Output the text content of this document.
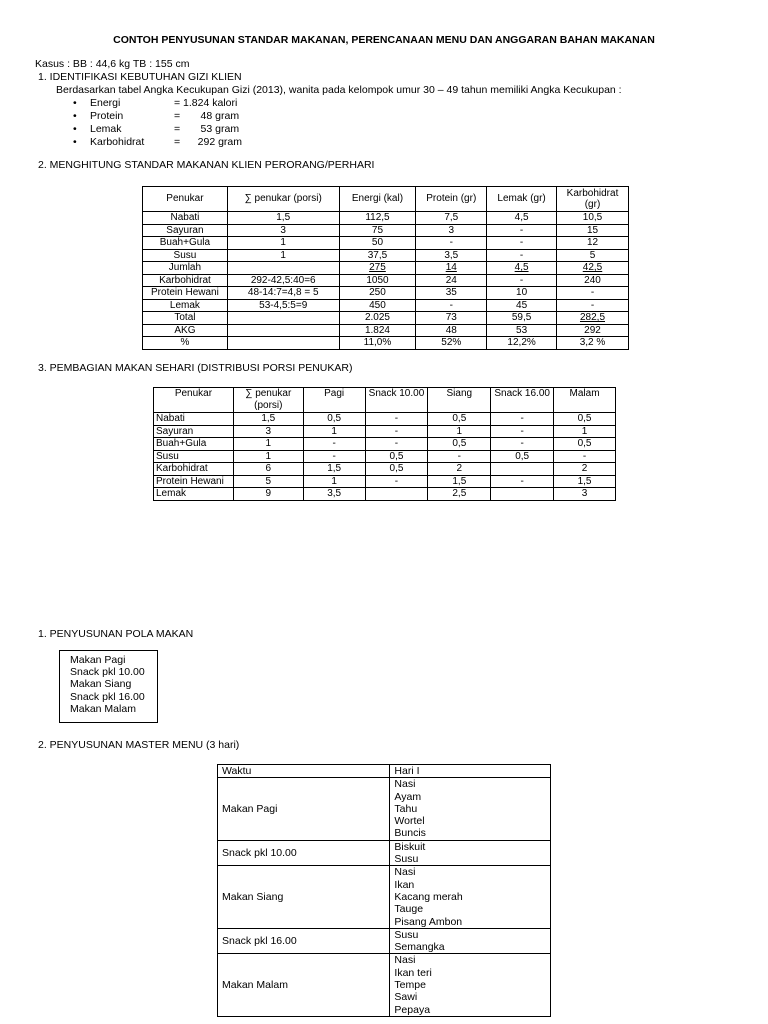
CONTOH PENYUSUNAN STANDAR MAKANAN, PERENCANAAN MENU DAN ANGGARAN BAHAN MAKANAN
Kasus : BB : 44,6 kg TB : 155 cm
1. IDENTIFIKASI KEBUTUHAN GIZI KLIEN
Berdasarkan tabel Angka Kecukupan Gizi (2013), wanita pada kelompok umur 30 – 49 tahun memiliki Angka Kecukupan :
• Energi	= 1.824 kalori
• Protein	=       48 gram
• Lemak	=       53 gram
• Karbohidrat	=      292 gram
2. MENGHITUNG STANDAR MAKANAN KLIEN PERORANG/PERHARI
Penukar	∑ penukar (porsi)	Energi (kal)	Protein (gr)	Lemak (gr)	Karbohidrat (gr)
Nabati	1,5	112,5	7,5	4,5	10,5
Sayuran	3	75	3	-	15
Buah+Gula	1	50	-	-	12
Susu	1	37,5	3,5	-	5
Jumlah		275	14	4,5	42,5
Karbohidrat	292-42,5:40=6	1050	24	-	240
Protein Hewani	48-14:7=4,8 = 5	250	35	10	-
Lemak	53-4,5:5=9	450	-	45	-
Total		2.025	73	59,5	282,5
AKG		1.824	48	53	292
%		11,0%	52%	12,2%	3,2 %
3. PEMBAGIAN MAKAN SEHARI (DISTRIBUSI PORSI PENUKAR)
Penukar	∑ penukar (porsi)	Pagi	Snack 10.00	Siang	Snack 16.00	Malam
Nabati	1,5	0,5	-	0,5	-	0,5
Sayuran	3	1	-	1	-	1
Buah+Gula	1	-	-	0,5	-	0,5
Susu	1	-	0,5	-	0,5	-
Karbohidrat	6	1,5	0,5	2		2
Protein Hewani	5	1	-	1,5	-	1,5
Lemak	9	3,5		2,5		3
1. PENYUSUNAN POLA MAKAN
Makan Pagi
Snack pkl 10.00
Makan Siang
Snack pkl 16.00
Makan Malam
2. PENYUSUNAN MASTER MENU (3 hari)
Waktu	Hari I
Makan Pagi	Nasi
Ayam
Tahu
Wortel
Buncis

Snack pkl 10.00	Biskuit
Susu

Makan Siang	Nasi
Ikan
Kacang merah
Tauge
Pisang Ambon

Snack pkl 16.00	Susu
Semangka

Makan Malam	Nasi
Ikan teri
Tempe
Sawi
Pepaya
